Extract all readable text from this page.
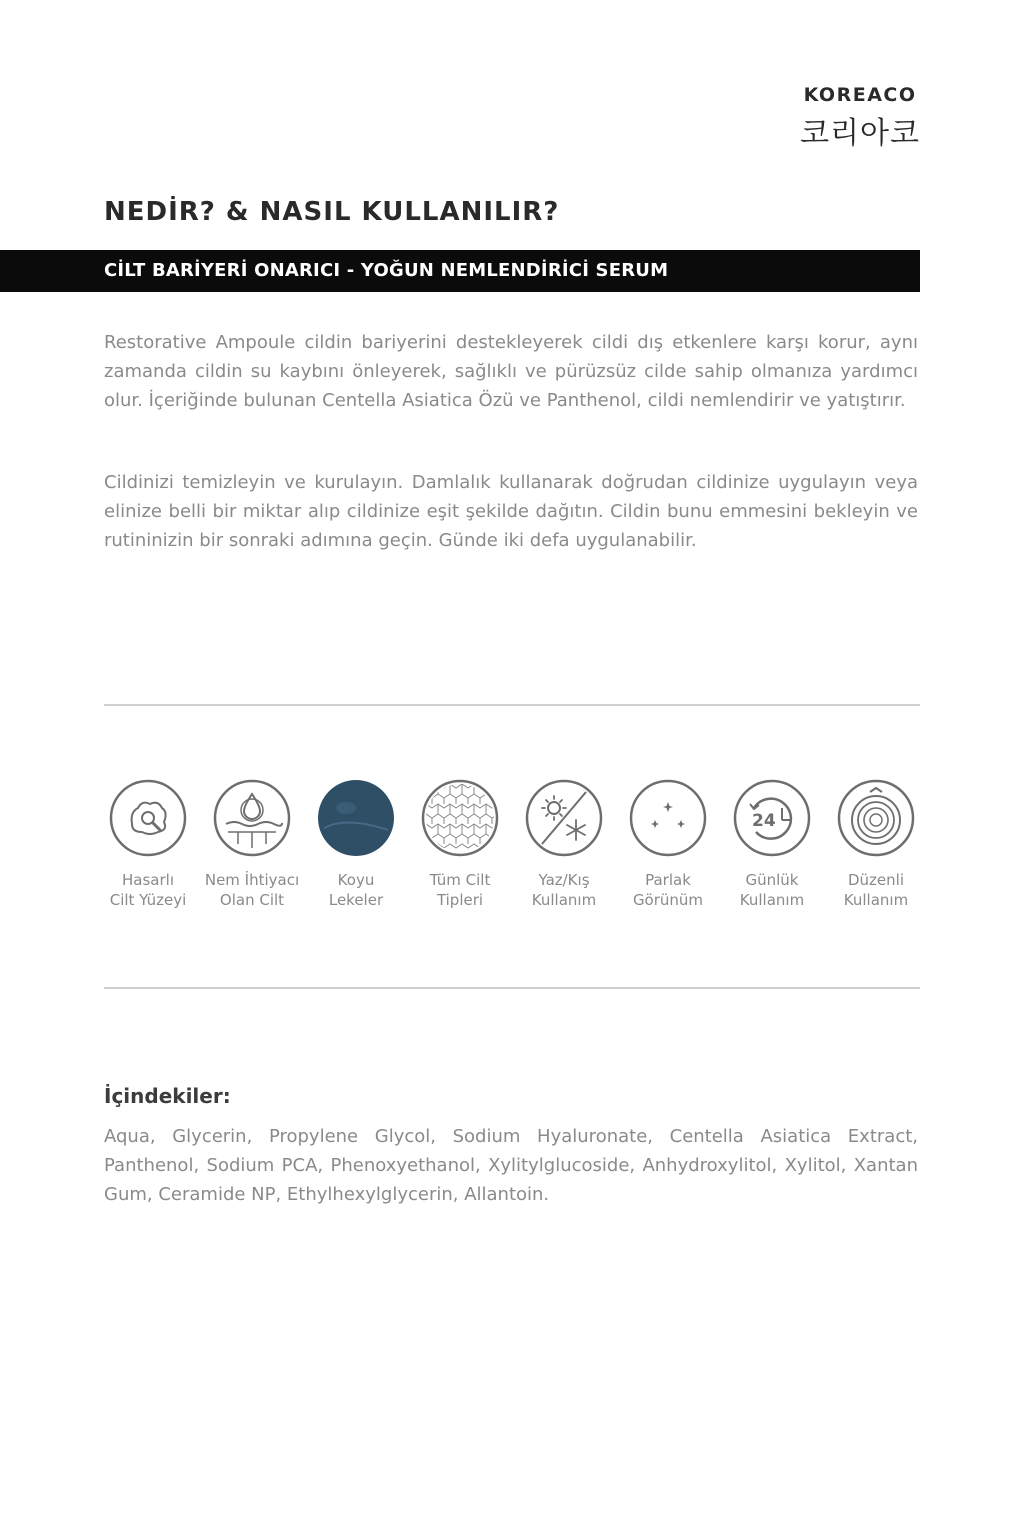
KOREACO
코리아코
NEDİR? & NASIL KULLANILIR?
CİLT BARİYERİ ONARICI - YOĞUN NEMLENDİRİCİ SERUM
Restorative Ampoule cildin bariyerini destekleyerek cildi dış etkenlere karşı korur, aynı zamanda cildin su kaybını önleyerek, sağlıklı ve pürüzsüz cilde sahip olmanıza yardımcı olur. İçeriğinde bulunan Centella Asiatica Özü ve Panthenol, cildi nemlendirir ve yatıştırır.
Cildinizi temizleyin ve kurulayın. Damlalık kullanarak doğrudan cildinize uygulayın veya elinize belli bir miktar alıp cildinize eşit şekilde dağıtın. Cildin bunu emmesini bekleyin ve rutininizin bir sonraki adımına geçin. Günde iki defa uygulanabilir.
Hasarlı
Cilt Yüzeyi
Nem İhtiyacı
Olan Cilt
Koyu
Lekeler
Tüm Cilt
Tipleri
Yaz/Kış
Kullanım
Parlak
Görünüm
24
Günlük
Kullanım
Düzenli
Kullanım
İçindekiler:
Aqua, Glycerin, Propylene Glycol, Sodium Hyaluronate, Centella Asiatica Extract, Panthenol, Sodium PCA, Phenoxyethanol, Xylitylglucoside, Anhydroxylitol, Xylitol, Xantan Gum, Ceramide NP, Ethylhexylglycerin, Allantoin.
